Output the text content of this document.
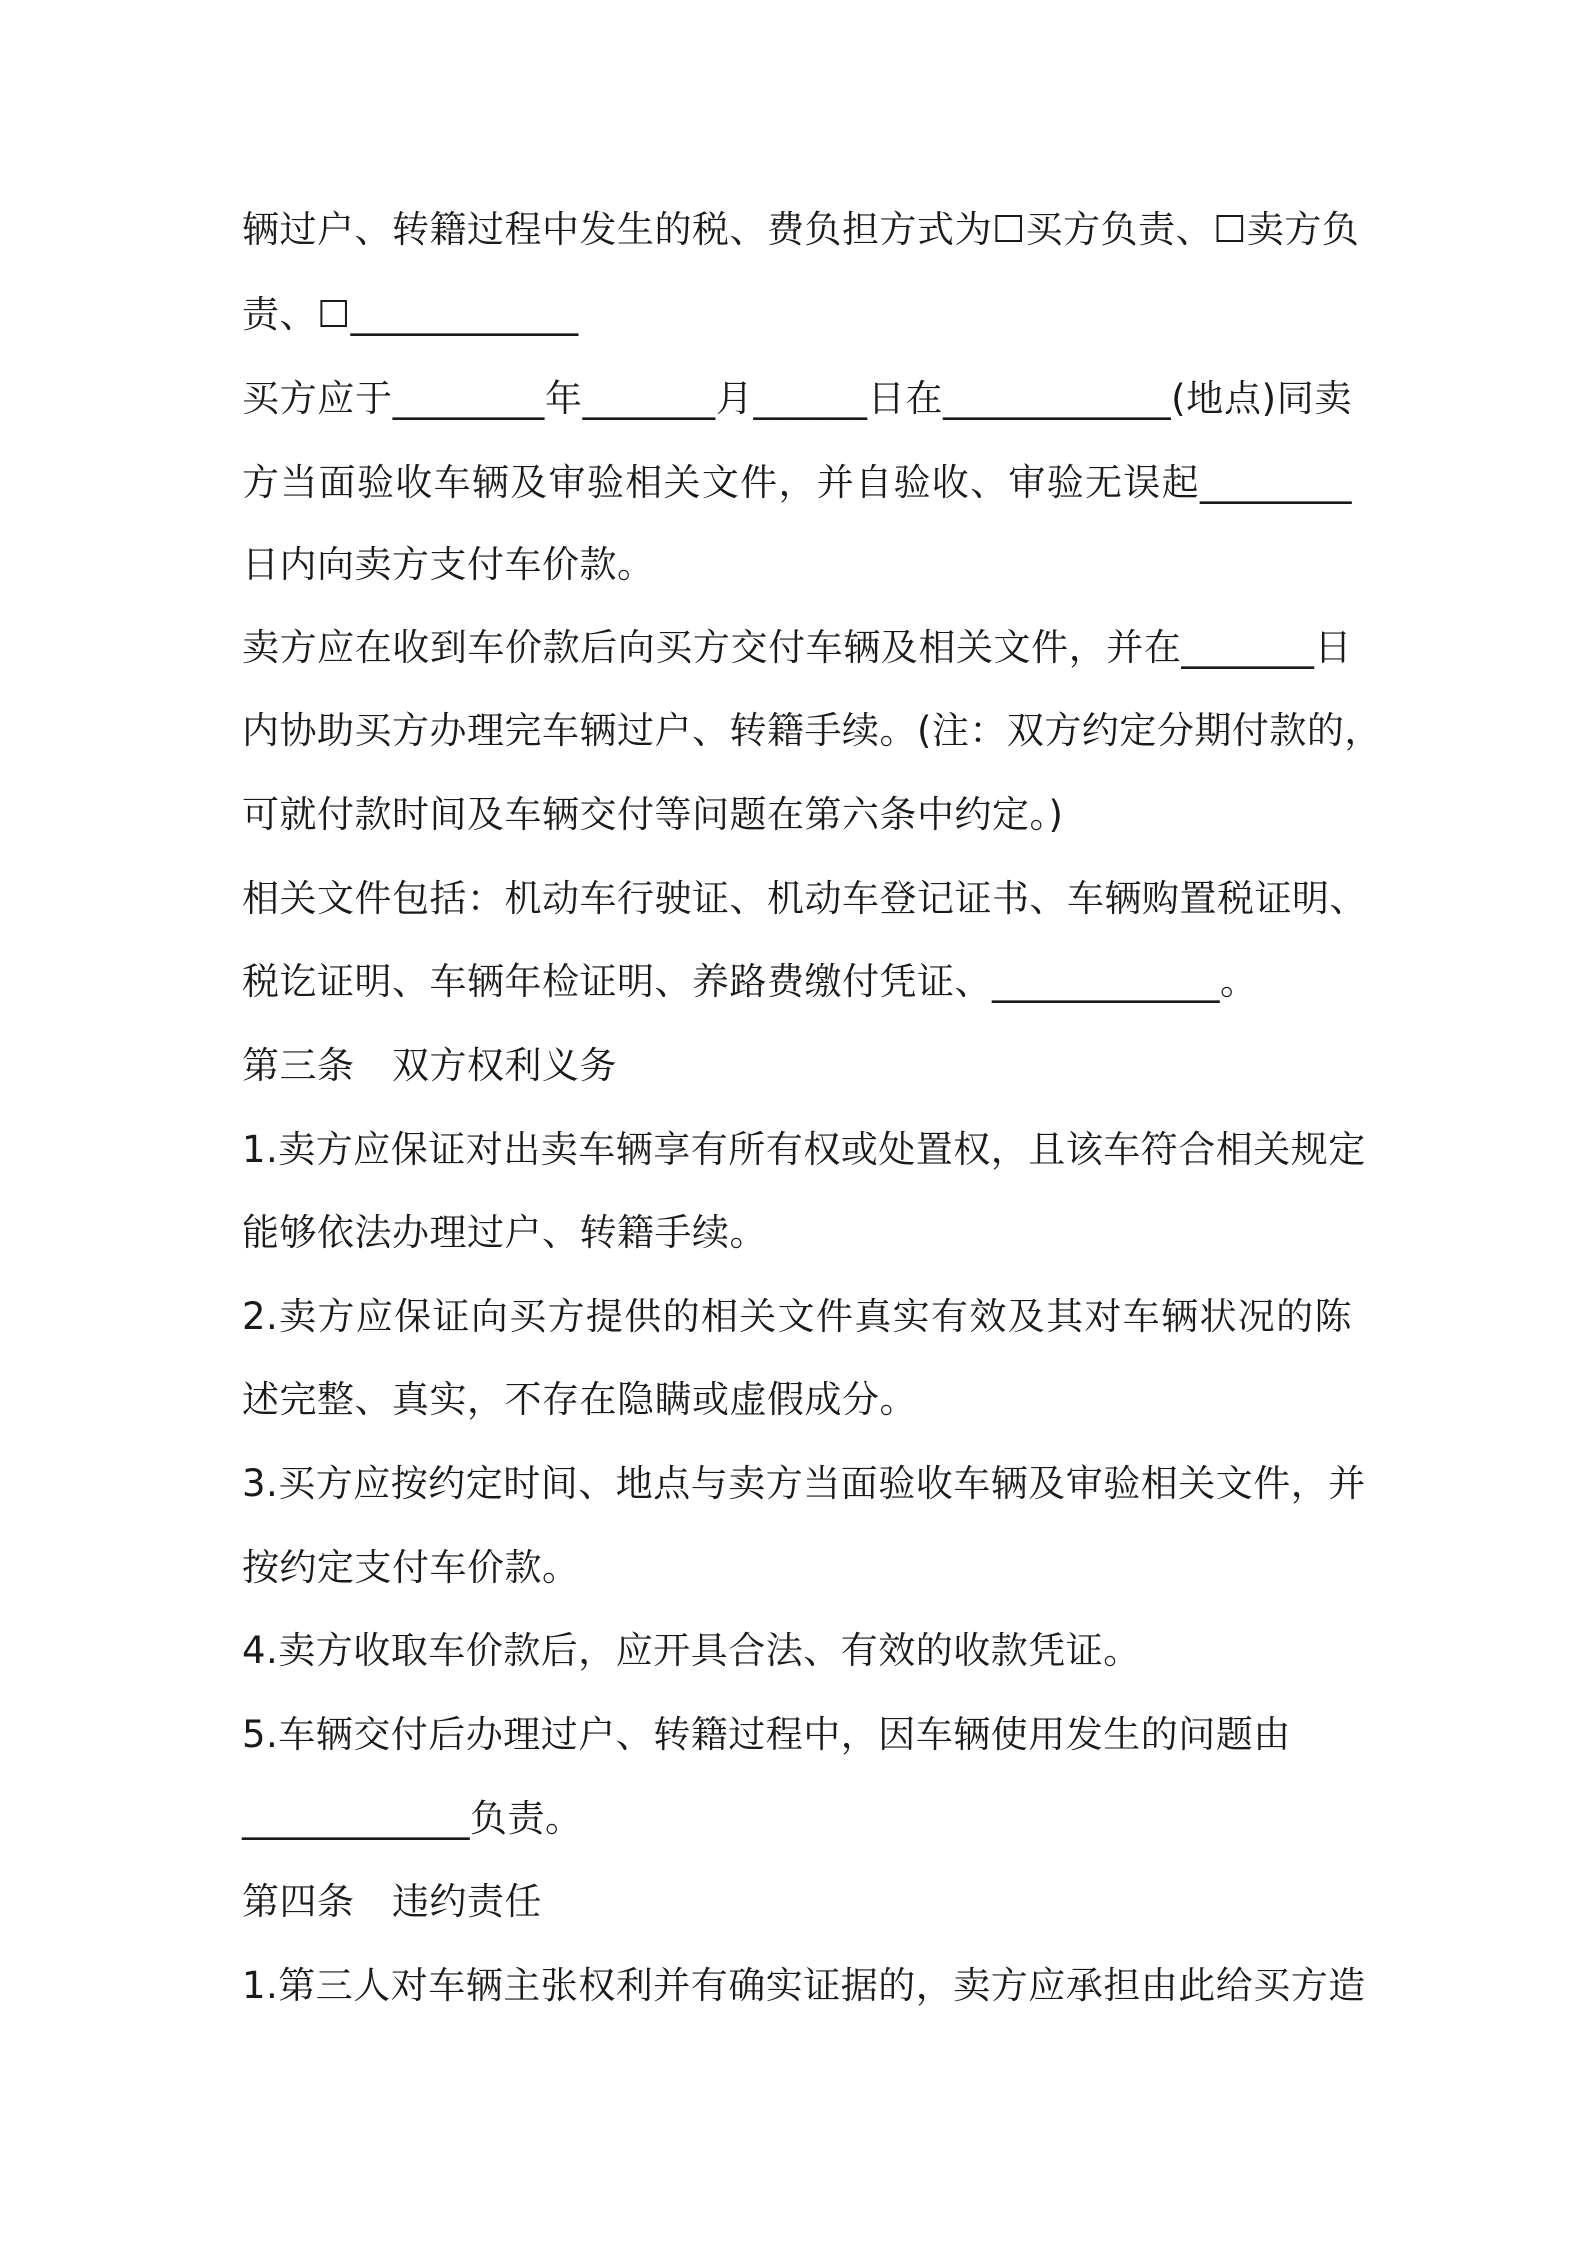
辆过户、转籍过程中发生的税、费负担方式为☐买方负责、☐卖方负

责、☐____________

买方应于________年_______月______日在____________(地点)同卖

方当面验收车辆及审验相关文件，并自验收、审验无误起________

日内向卖方支付车价款。

卖方应在收到车价款后向买方交付车辆及相关文件，并在_______日

内协助买方办理完车辆过户、转籍手续。(注：双方约定分期付款的，

可就付款时间及车辆交付等问题在第六条中约定。)

相关文件包括：机动车行驶证、机动车登记证书、车辆购置税证明、

税讫证明、车辆年检证明、养路费缴付凭证、____________。

第三条　双方权利义务

1.卖方应保证对出卖车辆享有所有权或处置权，且该车符合相关规定

能够依法办理过户、转籍手续。

2.卖方应保证向买方提供的相关文件真实有效及其对车辆状况的陈

述完整、真实，不存在隐瞒或虚假成分。

3.买方应按约定时间、地点与卖方当面验收车辆及审验相关文件，并

按约定支付车价款。

4.卖方收取车价款后，应开具合法、有效的收款凭证。

5.车辆交付后办理过户、转籍过程中，因车辆使用发生的问题由

____________负责。

第四条　违约责任

1.第三人对车辆主张权利并有确实证据的，卖方应承担由此给买方造
